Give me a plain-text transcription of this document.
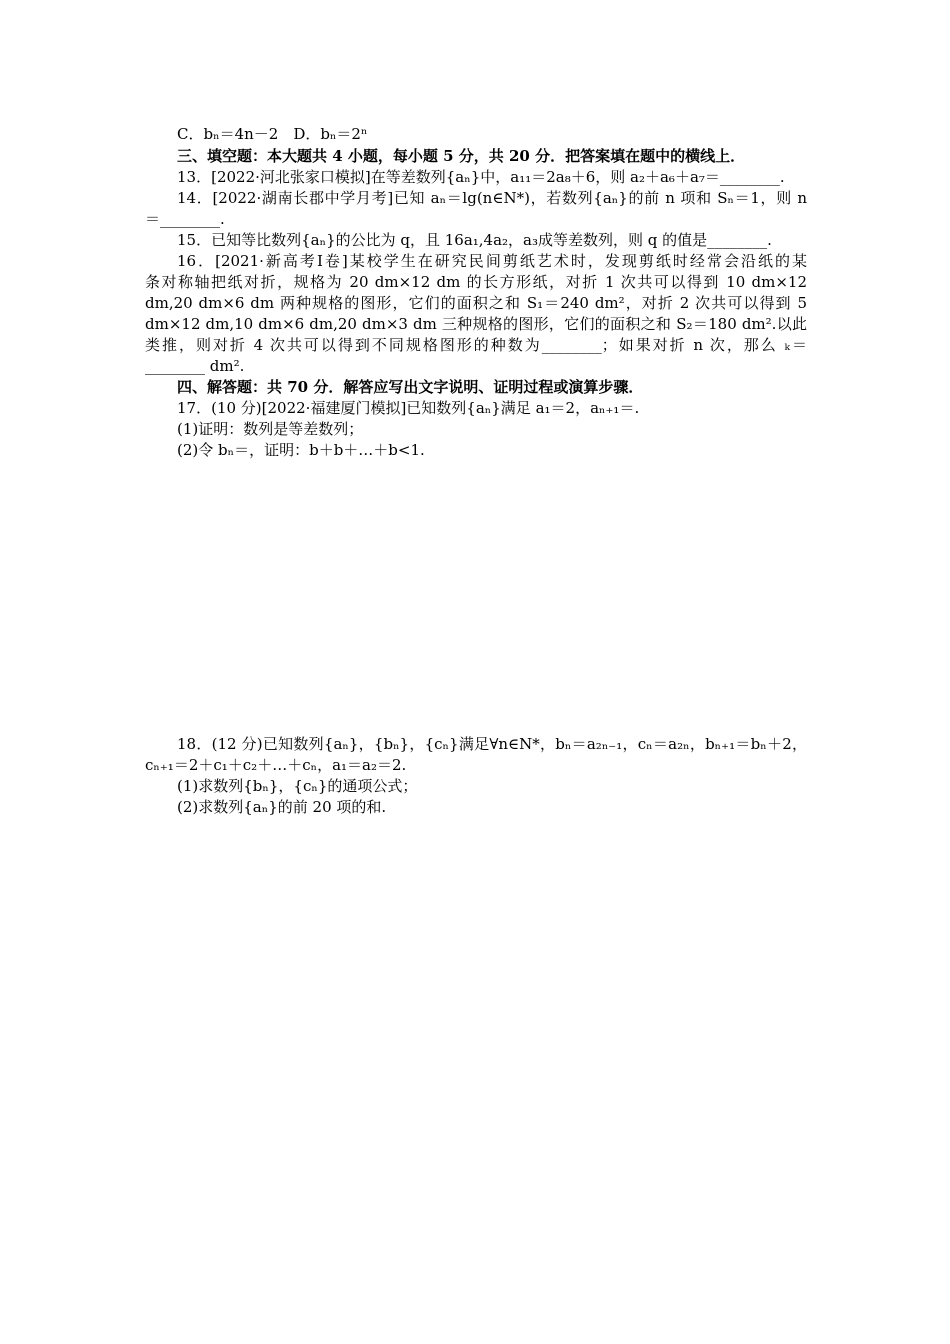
C．bₙ＝4n－2　D．bₙ＝2ⁿ
三、填空题：本大题共 4 小题，每小题 5 分，共 20 分．把答案填在题中的横线上．
13．[2022·河北张家口模拟]在等差数列{aₙ}中，a₁₁＝2a₈＋6，则 a₂＋a₆＋a₇＝________.
14．[2022·湖南长郡中学月考]已知 aₙ＝lg(n∈N*)，若数列{aₙ}的前 n 项和 Sₙ＝1，则 n
＝________.
15．已知等比数列{aₙ}的公比为 q，且 16a₁,4a₂，a₃成等差数列，则 q 的值是________.
16．[2021·新高考Ⅰ卷]某校学生在研究民间剪纸艺术时，发现剪纸时经常会沿纸的某
条对称轴把纸对折，规格为 20 dm×12 dm 的长方形纸，对折 1 次共可以得到 10 dm×12
dm,20 dm×6 dm 两种规格的图形，它们的面积之和 S₁＝240 dm²，对折 2 次共可以得到 5
dm×12 dm,10 dm×6 dm,20 dm×3 dm 三种规格的图形，它们的面积之和 S₂＝180 dm².以此
类推，则对折 4 次共可以得到不同规格图形的种数为________；如果对折 n 次，那么 ₖ＝
________ dm².
四、解答题：共 70 分．解答应写出文字说明、证明过程或演算步骤．
17．(10 分)[2022·福建厦门模拟]已知数列{aₙ}满足 a₁＝2，aₙ₊₁＝.
(1)证明：数列是等差数列；
(2)令 bₙ＝，证明：b＋b＋…＋b<1.
18．(12 分)已知数列{aₙ}，{bₙ}，{cₙ}满足∀n∈N*，bₙ＝a₂ₙ₋₁，cₙ＝a₂ₙ，bₙ₊₁＝bₙ＋2，
cₙ₊₁＝2＋c₁＋c₂＋…＋cₙ，a₁＝a₂＝2.
(1)求数列{bₙ}，{cₙ}的通项公式；
(2)求数列{aₙ}的前 20 项的和.
